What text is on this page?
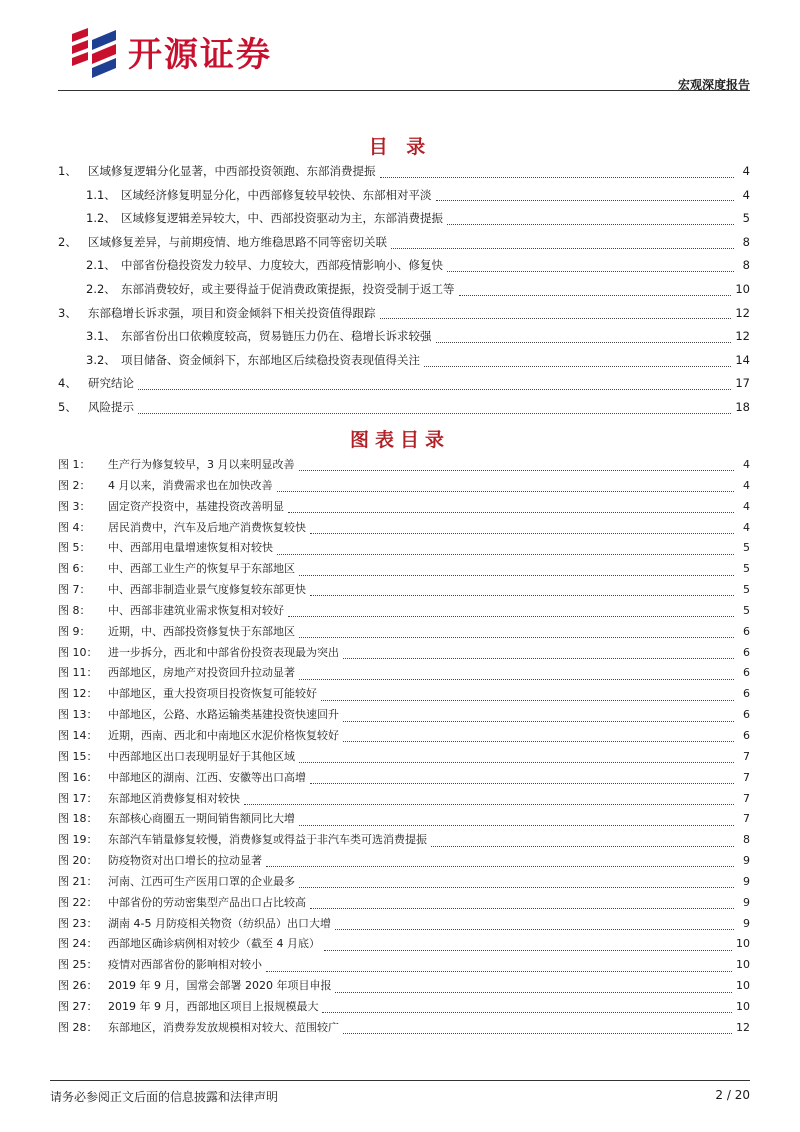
开源证券
宏观深度报告
目 录
1、 区域修复逻辑分化显著，中西部投资领跑、东部消费提振	4
1.1、 区域经济修复明显分化，中西部修复较早较快、东部相对平淡	4
1.2、 区域修复逻辑差异较大，中、西部投资驱动为主，东部消费提振	5
2、 区域修复差异，与前期疫情、地方维稳思路不同等密切关联	8
2.1、 中部省份稳投资发力较早、力度较大，西部疫情影响小、修复快	8
2.2、 东部消费较好，或主要得益于促消费政策提振，投资受制于返工等	10
3、 东部稳增长诉求强，项目和资金倾斜下相关投资值得跟踪	12
3.1、 东部省份出口依赖度较高，贸易链压力仍在、稳增长诉求较强	12
3.2、 项目储备、资金倾斜下，东部地区后续稳投资表现值得关注	14
4、 研究结论	17
5、 风险提示	18
图表目录
图 1：	生产行为修复较早，3 月以来明显改善	4
图 2：	4 月以来，消费需求也在加快改善	4
图 3：	固定资产投资中，基建投资改善明显	4
图 4：	居民消费中，汽车及后地产消费恢复较快	4
图 5：	中、西部用电量增速恢复相对较快	5
图 6：	中、西部工业生产的恢复早于东部地区	5
图 7：	中、西部非制造业景气度修复较东部更快	5
图 8：	中、西部非建筑业需求恢复相对较好	5
图 9：	近期，中、西部投资修复快于东部地区	6
图 10： 进一步拆分，西北和中部省份投资表现最为突出	6
图 11： 西部地区，房地产对投资回升拉动显著	6
图 12： 中部地区，重大投资项目投资恢复可能较好	6
图 13： 中部地区，公路、水路运输类基建投资快速回升	6
图 14： 近期，西南、西北和中南地区水泥价格恢复较好	6
图 15： 中西部地区出口表现明显好于其他区域	7
图 16： 中部地区的湖南、江西、安徽等出口高增	7
图 17： 东部地区消费修复相对较快	7
图 18： 东部核心商圈五一期间销售额同比大增	7
图 19： 东部汽车销量修复较慢，消费修复或得益于非汽车类可选消费提振	8
图 20： 防疫物资对出口增长的拉动显著	9
图 21： 河南、江西可生产医用口罩的企业最多	9
图 22： 中部省份的劳动密集型产品出口占比较高	9
图 23： 湖南 4-5 月防疫相关物资（纺织品）出口大增	9
图 24： 西部地区确诊病例相对较少（截至 4 月底）	10
图 25： 疫情对西部省份的影响相对较小	10
图 26： 2019 年 9 月，国常会部署 2020 年项目申报	10
图 27： 2019 年 9 月，西部地区项目上报规模最大	10
图 28： 东部地区，消费券发放规模相对较大、范围较广	12
请务必参阅正文后面的信息披露和法律声明	2 / 20
